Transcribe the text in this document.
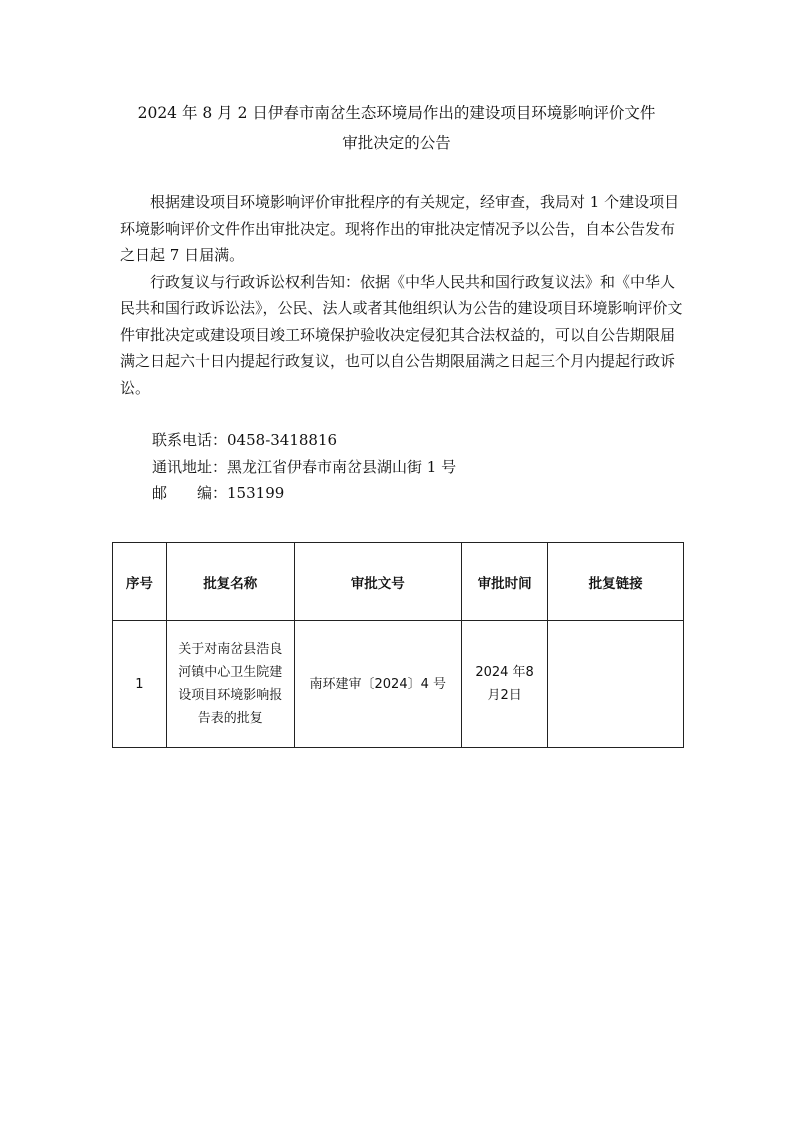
2024 年 8 月 2 日伊春市南岔生态环境局作出的建设项目环境影响评价文件
审批决定的公告

根据建设项目环境影响评价审批程序的有关规定，经审查，我局对 1 个建设项目环境影响评价文件作出审批决定。现将作出的审批决定情况予以公告，自本公告发布之日起 7 日届满。

行政复议与行政诉讼权利告知：依据《中华人民共和国行政复议法》和《中华人民共和国行政诉讼法》，公民、法人或者其他组织认为公告的建设项目环境影响评价文件审批决定或建设项目竣工环境保护验收决定侵犯其合法权益的，可以自公告期限届满之日起六十日内提起行政复议，也可以自公告期限届满之日起三个月内提起行政诉讼。

联系电话：0458-3418816
通讯地址：黑龙江省伊春市南岔县湖山街 1 号
邮　　编：153199
序号	批复名称	审批文号	审批时间	批复链接
1	关于对南岔县浩良河镇中心卫生院建设项目环境影响报告表的批复	南环建审〔2024〕4 号	2024 年8月2日	
